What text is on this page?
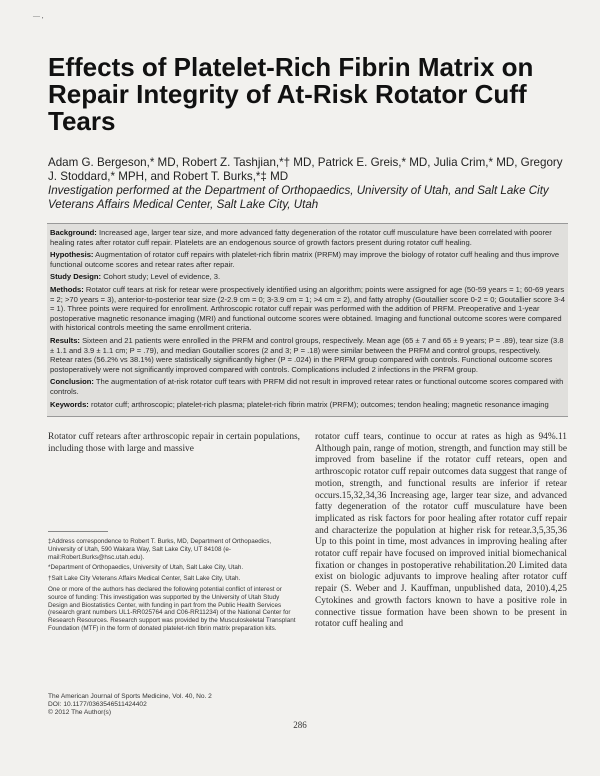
— ,
Effects of Platelet-Rich Fibrin Matrix on Repair Integrity of At-Risk Rotator Cuff Tears
Adam G. Bergeson,* MD, Robert Z. Tashjian,*† MD, Patrick E. Greis,* MD, Julia Crim,* MD, Gregory J. Stoddard,* MPH, and Robert T. Burks,*‡ MD
Investigation performed at the Department of Orthopaedics, University of Utah, and Salt Lake City Veterans Affairs Medical Center, Salt Lake City, Utah

Background: Increased age, larger tear size, and more advanced fatty degeneration of the rotator cuff musculature have been correlated with poorer healing rates after rotator cuff repair. Platelets are an endogenous source of growth factors present during rotator cuff healing.

Hypothesis: Augmentation of rotator cuff repairs with platelet-rich fibrin matrix (PRFM) may improve the biology of rotator cuff healing and thus improve functional outcome scores and retear rates after repair.

Study Design: Cohort study; Level of evidence, 3.

Methods: Rotator cuff tears at risk for retear were prospectively identified using an algorithm; points were assigned for age (50-59 years = 1; 60-69 years = 2; >70 years = 3), anterior-to-posterior tear size (2-2.9 cm = 0; 3-3.9 cm = 1; >4 cm = 2), and fatty atrophy (Goutallier score 0-2 = 0; Goutallier score 3-4 = 1). Three points were required for enrollment. Arthroscopic rotator cuff repair was performed with the addition of PRFM. Preoperative and 1-year postoperative magnetic resonance imaging (MRI) and functional outcome scores were obtained. Imaging and functional outcome scores were compared with historical controls meeting the same enrollment criteria.

Results: Sixteen and 21 patients were enrolled in the PRFM and control groups, respectively. Mean age (65 ± 7 and 65 ± 9 years; P = .89), tear size (3.8 ± 1.1 and 3.9 ± 1.1 cm; P = .79), and median Goutallier scores (2 and 3; P = .18) were similar between the PRFM and control groups, respectively. Retear rates (56.2% vs 38.1%) were statistically significantly higher (P = .024) in the PRFM group compared with controls. Functional outcome scores postoperatively were not significantly improved compared with controls. Complications included 2 infections in the PRFM group.

Conclusion: The augmentation of at-risk rotator cuff tears with PRFM did not result in improved retear rates or functional outcome scores compared with controls.

Keywords: rotator cuff; arthroscopic; platelet-rich plasma; platelet-rich fibrin matrix (PRFM); outcomes; tendon healing; magnetic resonance imaging

Rotator cuff retears after arthroscopic repair in certain populations, including those with large and massive

‡Address correspondence to Robert T. Burks, MD, Department of Orthopaedics, University of Utah, 590 Wakara Way, Salt Lake City, UT 84108 (e-mail:Robert.Burks@hsc.utah.edu).

*Department of Orthopaedics, University of Utah, Salt Lake City, Utah.

†Salt Lake City Veterans Affairs Medical Center, Salt Lake City, Utah.

One or more of the authors has declared the following potential conflict of interest or source of funding: This investigation was supported by the University of Utah Study Design and Biostatistics Center, with funding in part from the Public Health Services (research grant numbers UL1-RR025764 and C06-RR11234) of the National Center for Research Resources. Research support was provided by the Musculoskeletal Transplant Foundation (MTF) in the form of donated platelet-rich fibrin matrix preparation kits.

The American Journal of Sports Medicine, Vol. 40, No. 2
DOI: 10.1177/0363546511424402
© 2012 The Author(s)

rotator cuff tears, continue to occur at rates as high as 94%.11 Although pain, range of motion, strength, and function may still be improved from baseline if the rotator cuff retears, open and arthroscopic rotator cuff repair outcomes data suggest that range of motion, strength, and functional results are inferior if retear occurs.15,32,34,36 Increasing age, larger tear size, and advanced fatty degeneration of the rotator cuff musculature have been implicated as risk factors for poor healing after rotator cuff repair and characterize the population at higher risk for retear.3,5,35,36 Up to this point in time, most advances in improving healing after rotator cuff repair have focused on improved initial biomechanical fixation or changes in postoperative rehabilitation.20 Limited data exist on biologic adjuvants to improve healing after rotator cuff repair (S. Weber and J. Kauffman, unpublished data, 2010).4,25 Cytokines and growth factors known to have a positive role in connective tissue formation have been shown to be present in rotator cuff healing and

286
